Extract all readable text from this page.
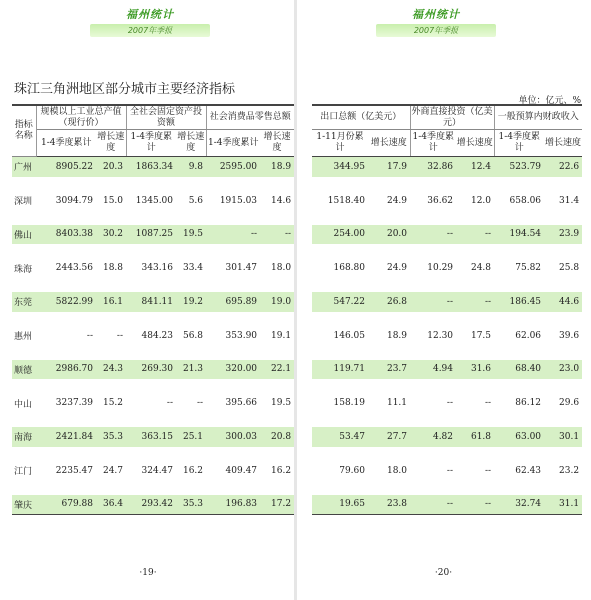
福州统计
2007年季报
珠江三角洲地区部分城市主要经济指标
指标名称	规模以上工业总产值（现行价）		全社会固定资产投资额		社会消费品零售总额	
	1-4季度累计	增长速度	1-4季度累计	增长速度	1-4季度累计	增长速度
广州	8905.22	20.3	1863.34	9.8	2595.00	18.9
深圳	3094.79	15.0	1345.00	5.6	1915.03	14.6
佛山	8403.38	30.2	1087.25	19.5	--	--
珠海	2443.56	18.8	343.16	33.4	301.47	18.0
东莞	5822.99	16.1	841.11	19.2	695.89	19.0
惠州	--	--	484.23	56.8	353.90	19.1
顺德	2986.70	24.3	269.30	21.3	320.00	22.1
中山	3237.39	15.2	--	--	395.66	19.5
南海	2421.84	35.3	363.15	25.1	300.03	20.8
江门	2235.47	24.7	324.47	16.2	409.47	16.2
肇庆	679.88	36.4	293.42	35.3	196.83	17.2
·19·
福州统计
2007年季报
单位：亿元、%
出口总额（亿美元）		外商直接投资（亿美元）		一般预算内财政收入	
1-11月份累计	增长速度	1-4季度累计	增长速度	1-4季度累计	增长速度
344.95	17.9	32.86	12.4	523.79	22.6
1518.40	24.9	36.62	12.0	658.06	31.4
254.00	20.0	--	--	194.54	23.9
168.80	24.9	10.29	24.8	75.82	25.8
547.22	26.8	--	--	186.45	44.6
146.05	18.9	12.30	17.5	62.06	39.6
119.71	23.7	4.94	31.6	68.40	23.0
158.19	11.1	--	--	86.12	29.6
53.47	27.7	4.82	61.8	63.00	30.1
79.60	18.0	--	--	62.43	23.2
19.65	23.8	--	--	32.74	31.1
·20·
